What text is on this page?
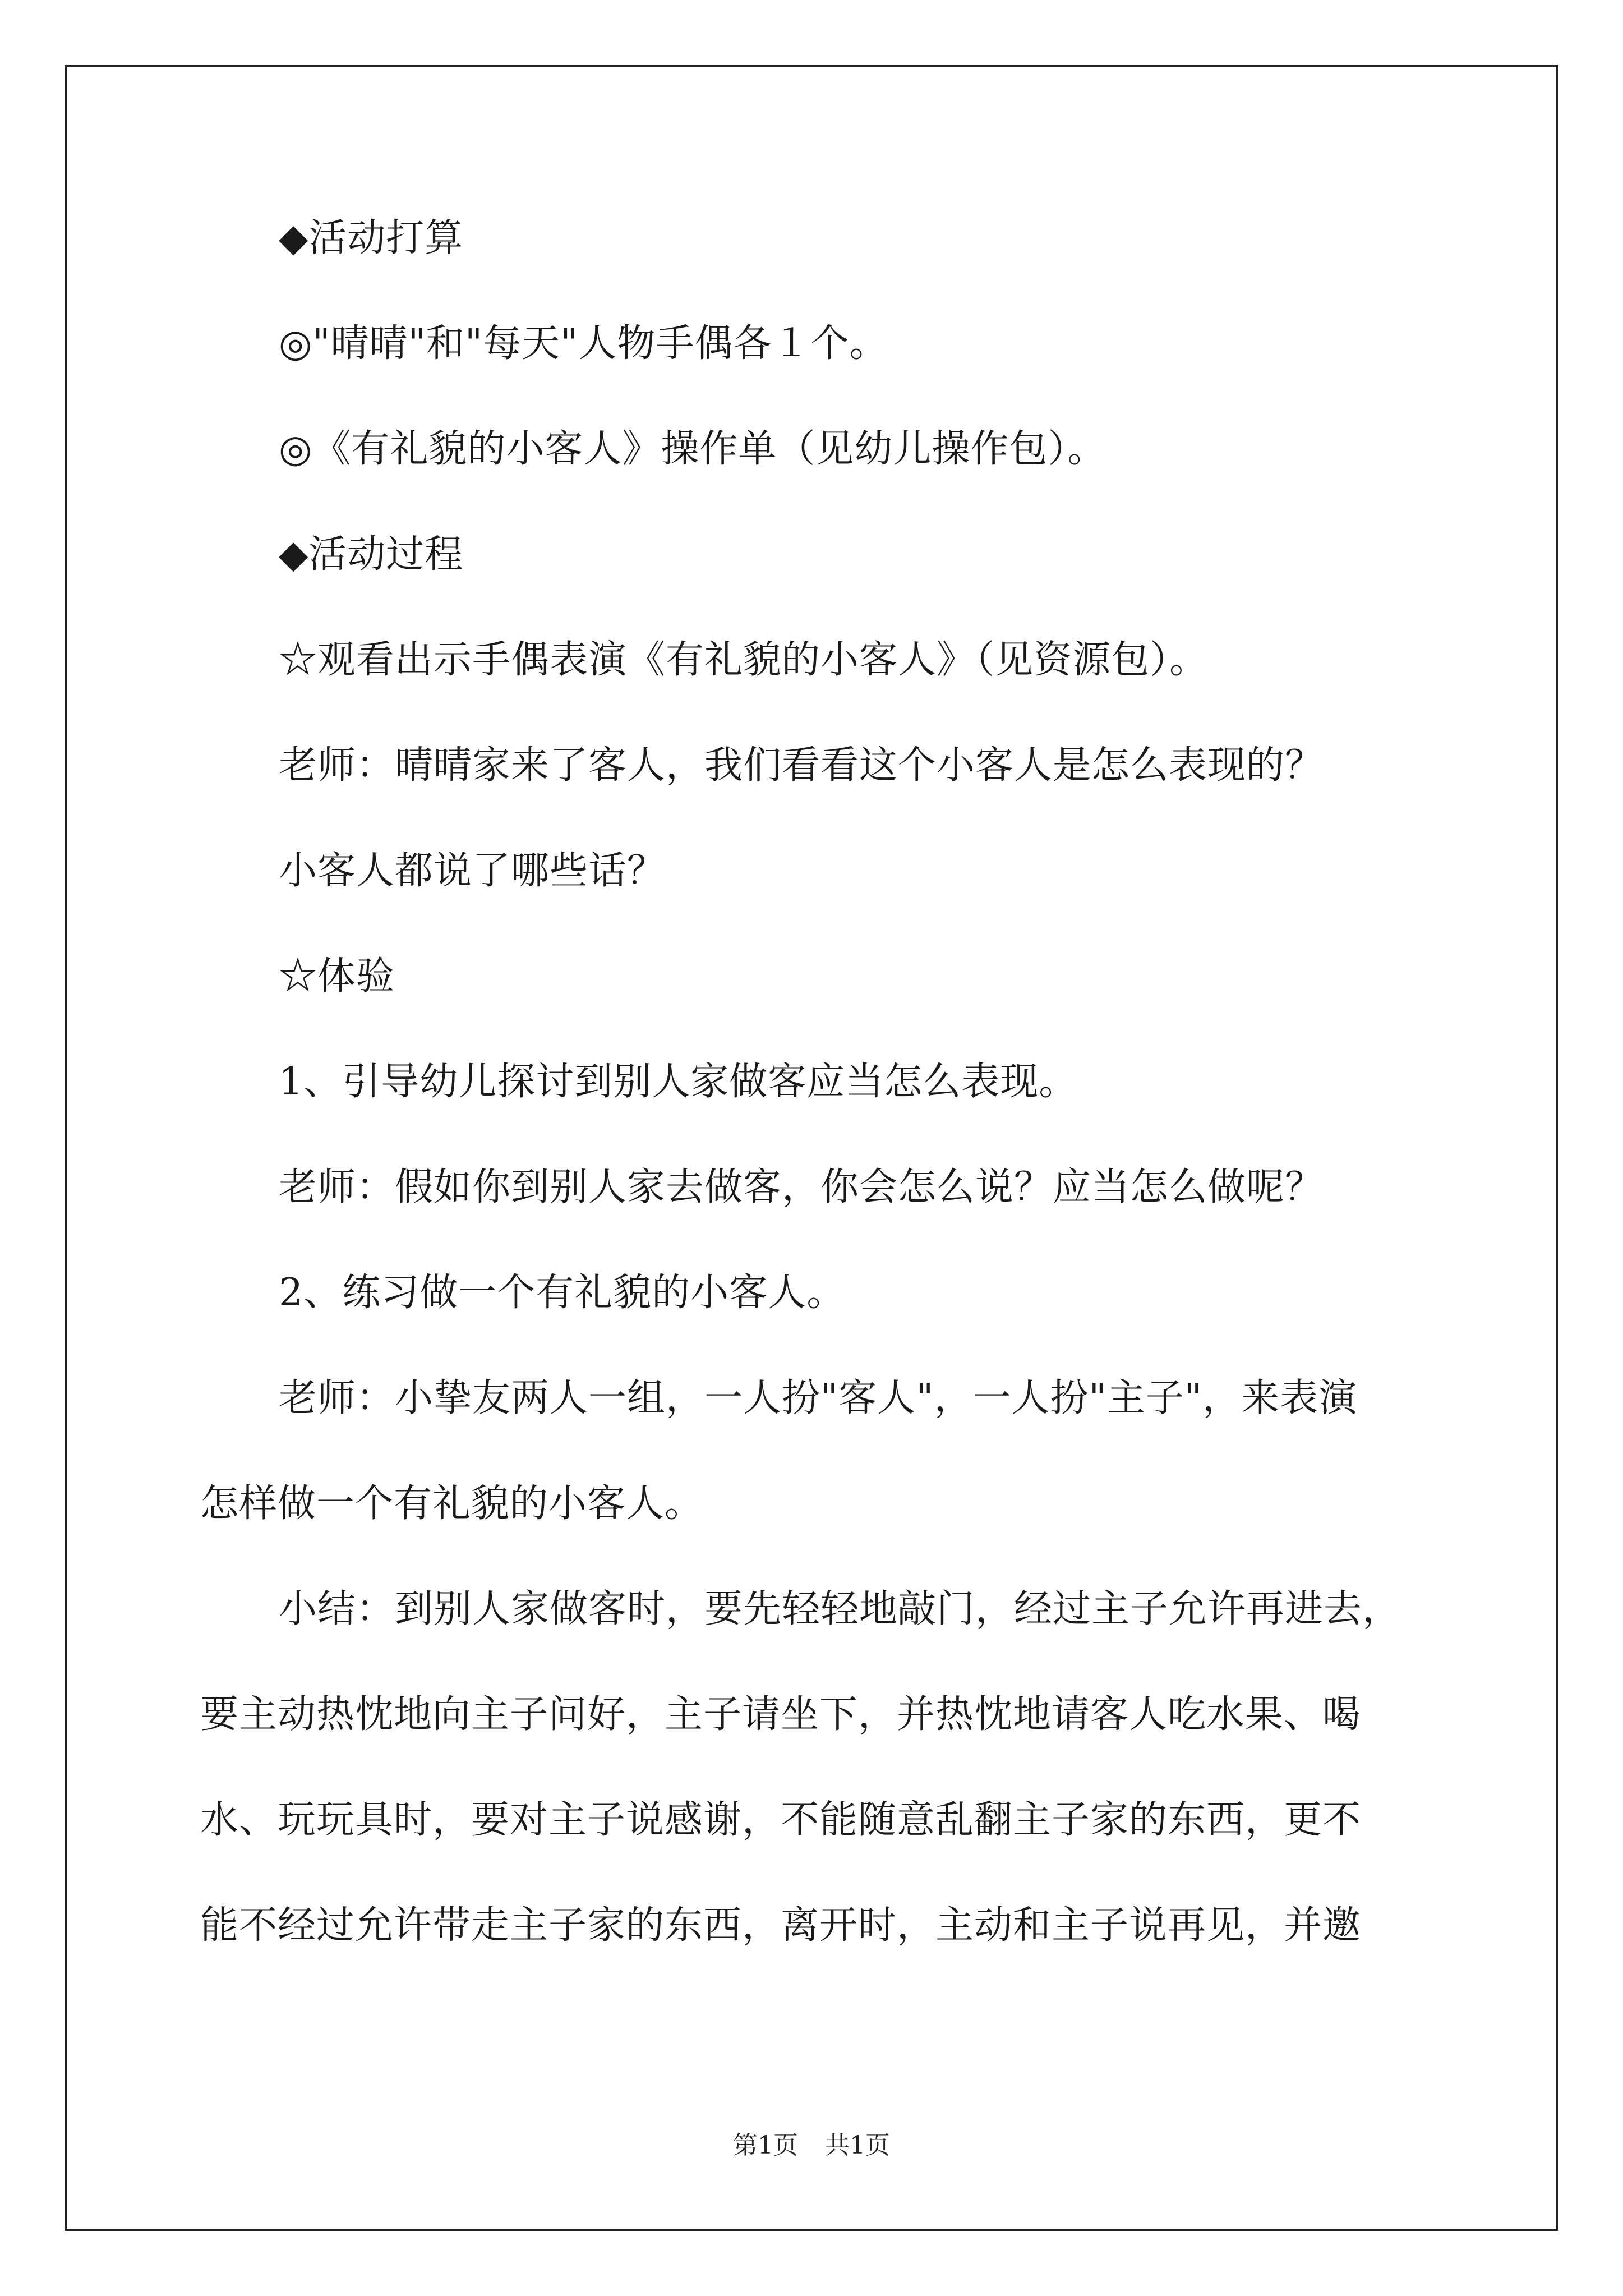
◆活动打算
◎"晴晴"和"每天"人物手偶各１个。
◎《有礼貌的小客人》操作单（见幼儿操作包）。
◆活动过程
☆观看出示手偶表演《有礼貌的小客人》（见资源包）。
老师：晴晴家来了客人，我们看看这个小客人是怎么表现的？
小客人都说了哪些话？
☆体验
1、引导幼儿探讨到别人家做客应当怎么表现。
老师：假如你到别人家去做客，你会怎么说？应当怎么做呢？
2、练习做一个有礼貌的小客人。
老师：小挚友两人一组，一人扮"客人"，一人扮"主子"，来表演
怎样做一个有礼貌的小客人。
小结：到别人家做客时，要先轻轻地敲门，经过主子允许再进去，
要主动热忱地向主子问好，主子请坐下，并热忱地请客人吃水果、喝
水、玩玩具时，要对主子说感谢，不能随意乱翻主子家的东西，更不
能不经过允许带走主子家的东西，离开时，主动和主子说再见，并邀
第1页 共1页
